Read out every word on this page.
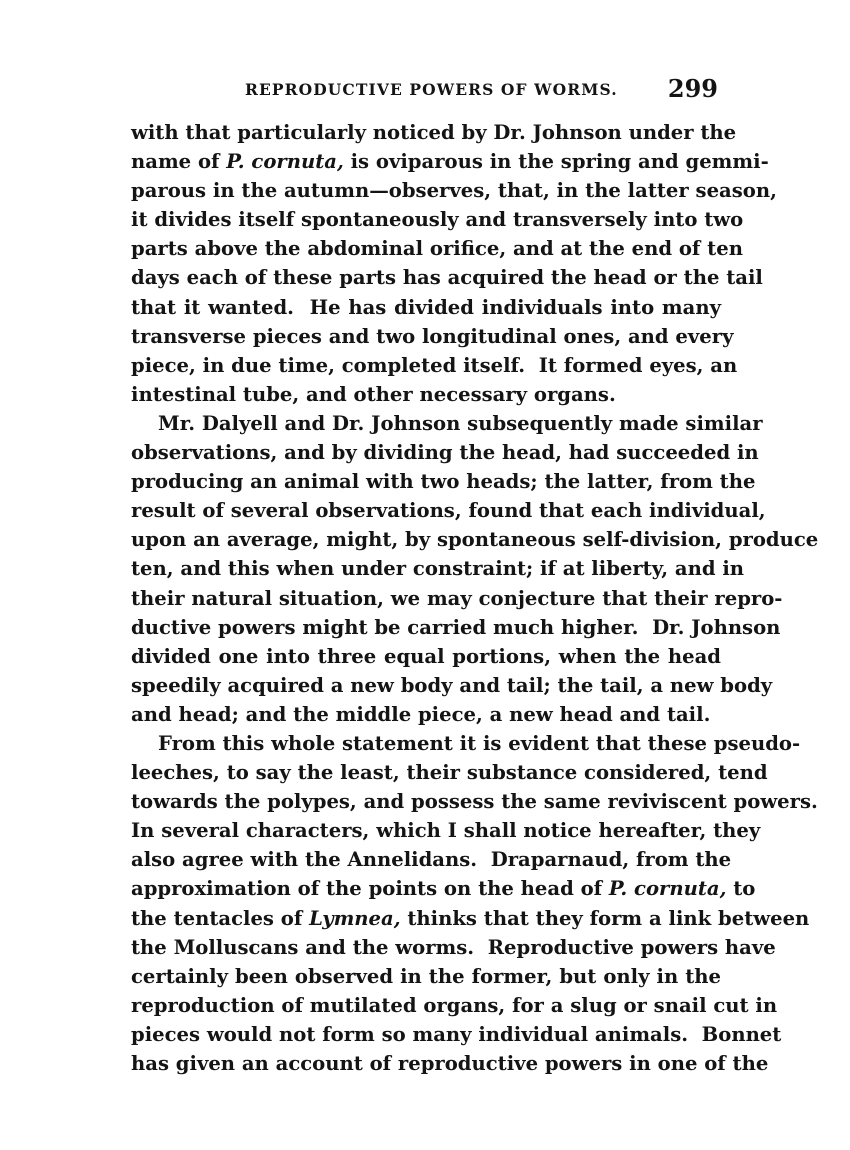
REPRODUCTIVE POWERS OF WORMS. 299
with that particularly noticed by Dr. Johnson under the
name of P. cornuta, is oviparous in the spring and gemmi-
parous in the autumn—observes, that, in the latter season,
it divides itself spontaneously and transversely into two
parts above the abdominal orifice, and at the end of ten
days each of these parts has acquired the head or the tail
that it wanted.  He has divided individuals into many
transverse pieces and two longitudinal ones, and every
piece, in due time, completed itself.  It formed eyes, an
intestinal tube, and other necessary organs.
Mr. Dalyell and Dr. Johnson subsequently made similar
observations, and by dividing the head, had succeeded in
producing an animal with two heads; the latter, from the
result of several observations, found that each individual,
upon an average, might, by spontaneous self-division, produce
ten, and this when under constraint; if at liberty, and in
their natural situation, we may conjecture that their repro-
ductive powers might be carried much higher.  Dr. Johnson
divided one into three equal portions, when the head
speedily acquired a new body and tail; the tail, a new body
and head; and the middle piece, a new head and tail.
From this whole statement it is evident that these pseudo-
leeches, to say the least, their substance considered, tend
towards the polypes, and possess the same reviviscent powers.
In several characters, which I shall notice hereafter, they
also agree with the Annelidans.  Draparnaud, from the
approximation of the points on the head of P. cornuta, to
the tentacles of Lymnea, thinks that they form a link between
the Molluscans and the worms.  Reproductive powers have
certainly been observed in the former, but only in the
reproduction of mutilated organs, for a slug or snail cut in
pieces would not form so many individual animals.  Bonnet
has given an account of reproductive powers in one of the
